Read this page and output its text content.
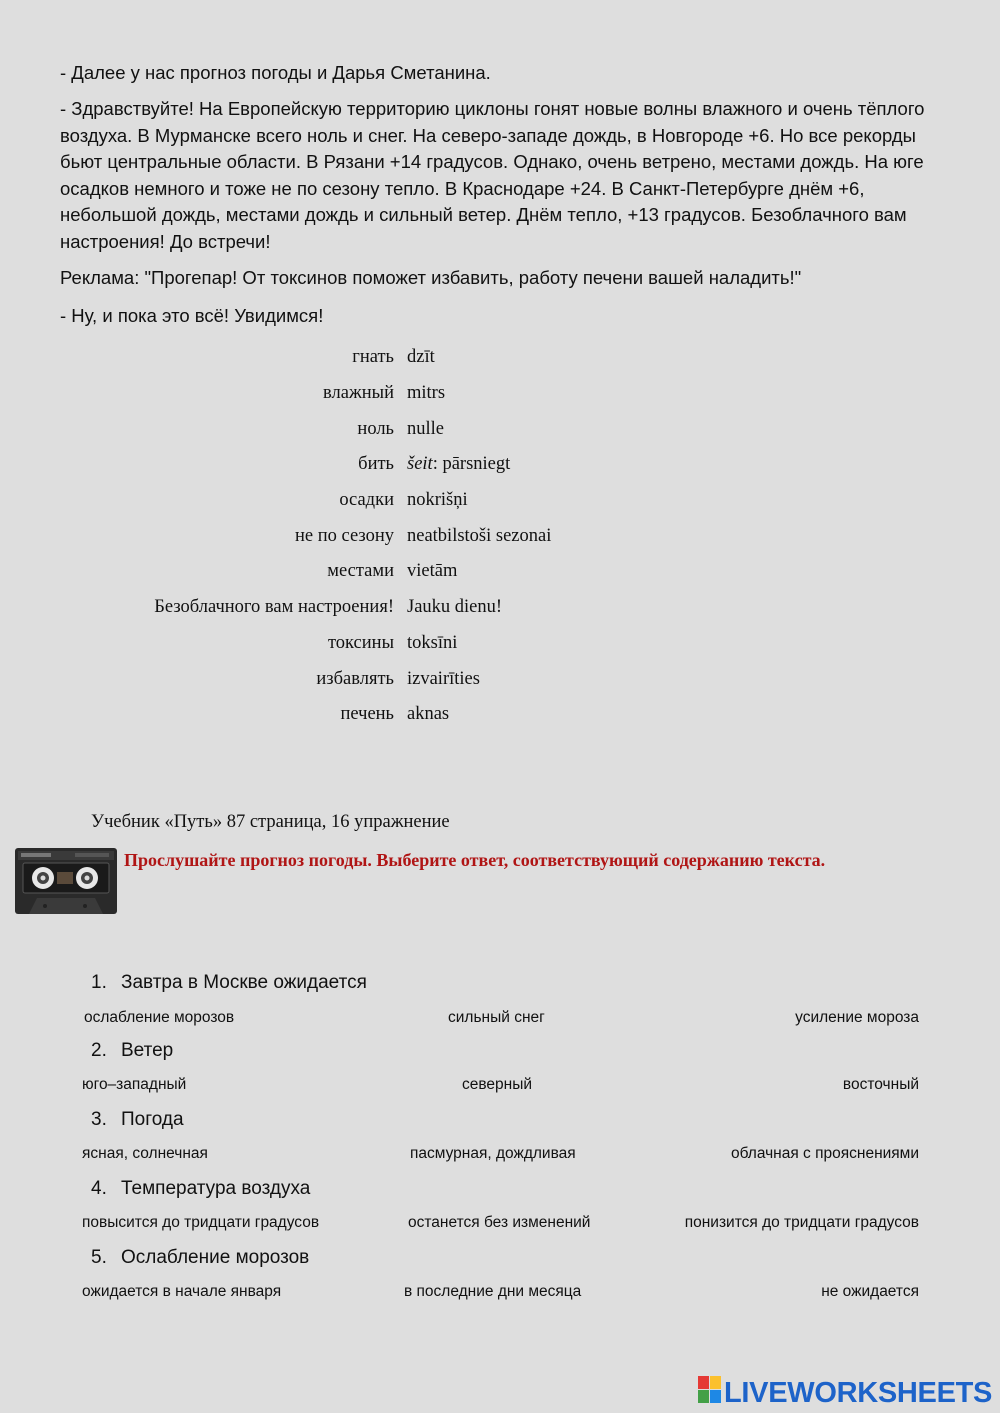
- Далее у нас прогноз погоды и Дарья Сметанина.

- Здравствуйте! На Европейскую территорию циклоны гонят новые волны влажного и очень тёплого воздуха. В Мурманске всего ноль и снег. На северо-западе дождь, в Новгороде +6. Но все рекорды бьют центральные области. В Рязани +14 градусов. Однако, очень ветрено, местами дождь. На юге осадков немного и тоже не по сезону тепло. В Краснодаре +24. В Санкт-Петербурге днём +6, небольшой дождь, местами дождь и сильный ветер. Днём тепло, +13 градусов. Безоблачного вам настроения! До встречи!

Реклама: "Прогепар! От токсинов поможет избавить, работу печени вашей наладить!"

- Ну, и пока это всё! Увидимся!

гнать dzīt
влажный mitrs
ноль nulle
бить šeit: pārsniegt
осадки nokrišņi
не по сезону neatbilstoši sezonai
местами vietām
Безоблачного вам настроения! Jauku dienu!
токсины toksīni
избавлять izvairīties
печень aknas
Учебник «Путь» 87 страница, 16 упражнение
Прослушайте прогноз погоды. Выберите ответ, соответствующий содержанию текста.
1. Завтра в Москве ожидается
ослабление морозов	сильный снег	усиление мороза
2. Ветер
юго–западный	северный	восточный
3. Погода
ясная, солнечная	пасмурная, дождливая	облачная с прояснениями
4. Температура воздуха
повысится до тридцати градусов	останется без изменений	понизится до тридцати градусов
5. Ослабление морозов
ожидается в начале января	в последние дни месяца	не ожидается
LIVEWORKSHEETS
